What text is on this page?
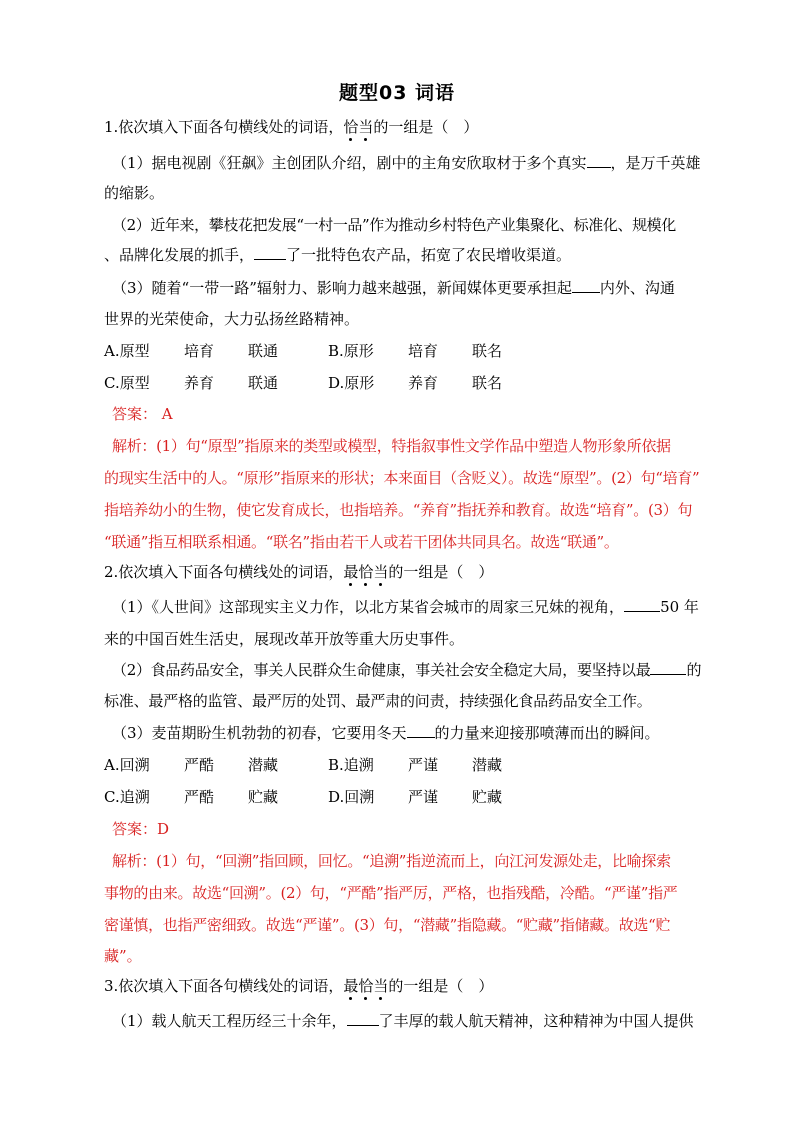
题型03 词语
1.依次填入下面各句横线处的词语，恰当的一组是（　）
（1）据电视剧《狂飙》主创团队介绍，剧中的主角安欣取材于多个真实 ，是万千英雄
的缩影。
（2）近年来，攀枝花把发展“一村一品”作为推动乡村特色产业集聚化、标准化、规模化
、品牌化发展的抓手， 了一批特色农产品，拓宽了农民增收渠道。
（3）随着“一带一路”辐射力、影响力越来越强，新闻媒体更要承担起 内外、沟通
世界的光荣使命，大力弘扬丝路精神。
A.原型 培育 联通	B.原形 培育 联名
C.原型 养育 联通	D.原形 养育 联名
答案： A
解析：(1）句“原型”指原来的类型或模型，特指叙事性文学作品中塑造人物形象所依据
的现实生活中的人。“原形”指原来的形状；本来面目（含贬义）。故选“原型”。(2）句“培育”
指培养幼小的生物，使它发育成长，也指培养。“养育”指抚养和教育。故选“培育”。(3）句
“联通”指互相联系相通。“联名”指由若干人或若干团体共同具名。故选“联通”。
2.依次填入下面各句横线处的词语，最恰当的一组是（　）
（1）《人世间》这部现实主义力作，以北方某省会城市的周家三兄妹的视角， 50 年
来的中国百姓生活史，展现改革开放等重大历史事件。
（2）食品药品安全，事关人民群众生命健康，事关社会安全稳定大局，要坚持以最 的
标准、最严格的监管、最严厉的处罚、最严肃的问责，持续强化食品药品安全工作。
（3）麦苗期盼生机勃勃的初春，它要用冬天 的力量来迎接那喷薄而出的瞬间。
A.回溯 严酷 潜藏	B.追溯 严谨 潜藏
C.追溯 严酷 贮藏	D.回溯 严谨 贮藏
答案：D
解析：(1）句，“回溯”指回顾，回忆。“追溯”指逆流而上，向江河发源处走，比喻探索
事物的由来。故选“回溯”。(2）句，“严酷”指严厉，严格，也指残酷，冷酷。“严谨”指严
密谨慎，也指严密细致。故选“严谨”。(3）句，“潜藏”指隐藏。“贮藏”指储藏。故选“贮
藏”。
3.依次填入下面各句横线处的词语，最恰当的一组是（　）
（1）载人航天工程历经三十余年， 了丰厚的载人航天精神，这种精神为中国人提供
